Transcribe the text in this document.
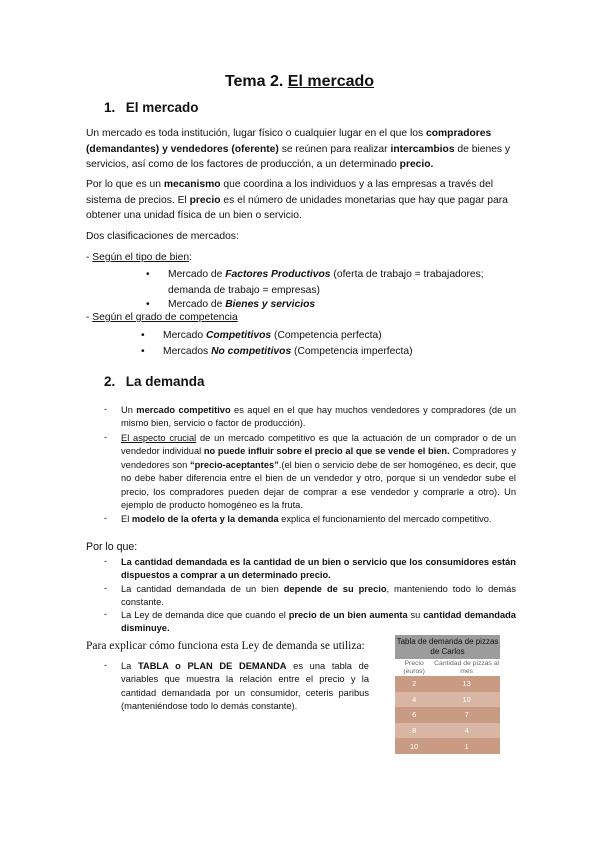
Tema 2. El mercado
1. El mercado
Un mercado es toda institución, lugar físico o cualquier lugar en el que los compradores (demandantes) y vendedores (oferente) se reúnen para realizar intercambios de bienes y servicios, así como de los factores de producción, a un determinado precio.
Por lo que es un mecanismo que coordina a los individuos y a las empresas a través del sistema de precios. El precio es el número de unidades monetarias que hay que pagar para obtener una unidad física de un bien o servicio.
Dos clasificaciones de mercados:
- Según el tipo de bien:
• Mercado de Factores Productivos (oferta de trabajo = trabajadores; demanda de trabajo = empresas)
• Mercado de Bienes y servicios
- Según el grado de competencia
• Mercado Competitivos (Competencia perfecta)
• Mercados No competitivos (Competencia imperfecta)
2. La demanda
- Un mercado competitivo es aquel en el que hay muchos vendedores y compradores (de un mismo bien, servicio o factor de producción).
- El aspecto crucial de un mercado competitivo es que la actuación de un comprador o de un vendedor individual no puede influir sobre el precio al que se vende el bien. Compradores y vendedores son “precio-aceptantes”.(el bien o servicio debe de ser homogéneo, es decir, que no debe haber diferencia entre el bien de un vendedor y otro, porque si un vendedor sube el precio, los compradores pueden dejar de comprar a ese vendedor y comprarle a otro). Un ejemplo de producto homogéneo es la fruta.
- El modelo de la oferta y la demanda explica el funcionamiento del mercado competitivo.
Por lo que:
- La cantidad demandada es la cantidad de un bien o servicio que los consumidores están dispuestos a comprar a un determinado precio.
- La cantidad demandada de un bien depende de su precio, manteniendo todo lo demás constante.
- La Ley de demanda dice que cuando el precio de un bien aumenta su cantidad demandada disminuye.
Para explicar cómo funciona esta Ley de demanda se utiliza:
- La TABLA o PLAN DE DEMANDA es una tabla de variables que muestra la relación entre el precio y la cantidad demandada por un consumidor, ceteris paribus (manteniéndose todo lo demás constante).
Tabla de demanda de pizzas de Carlos	
Precio (euros)	Cantidad de pizzas al mes
2	13
4	10
6	7
8	4
10	1
